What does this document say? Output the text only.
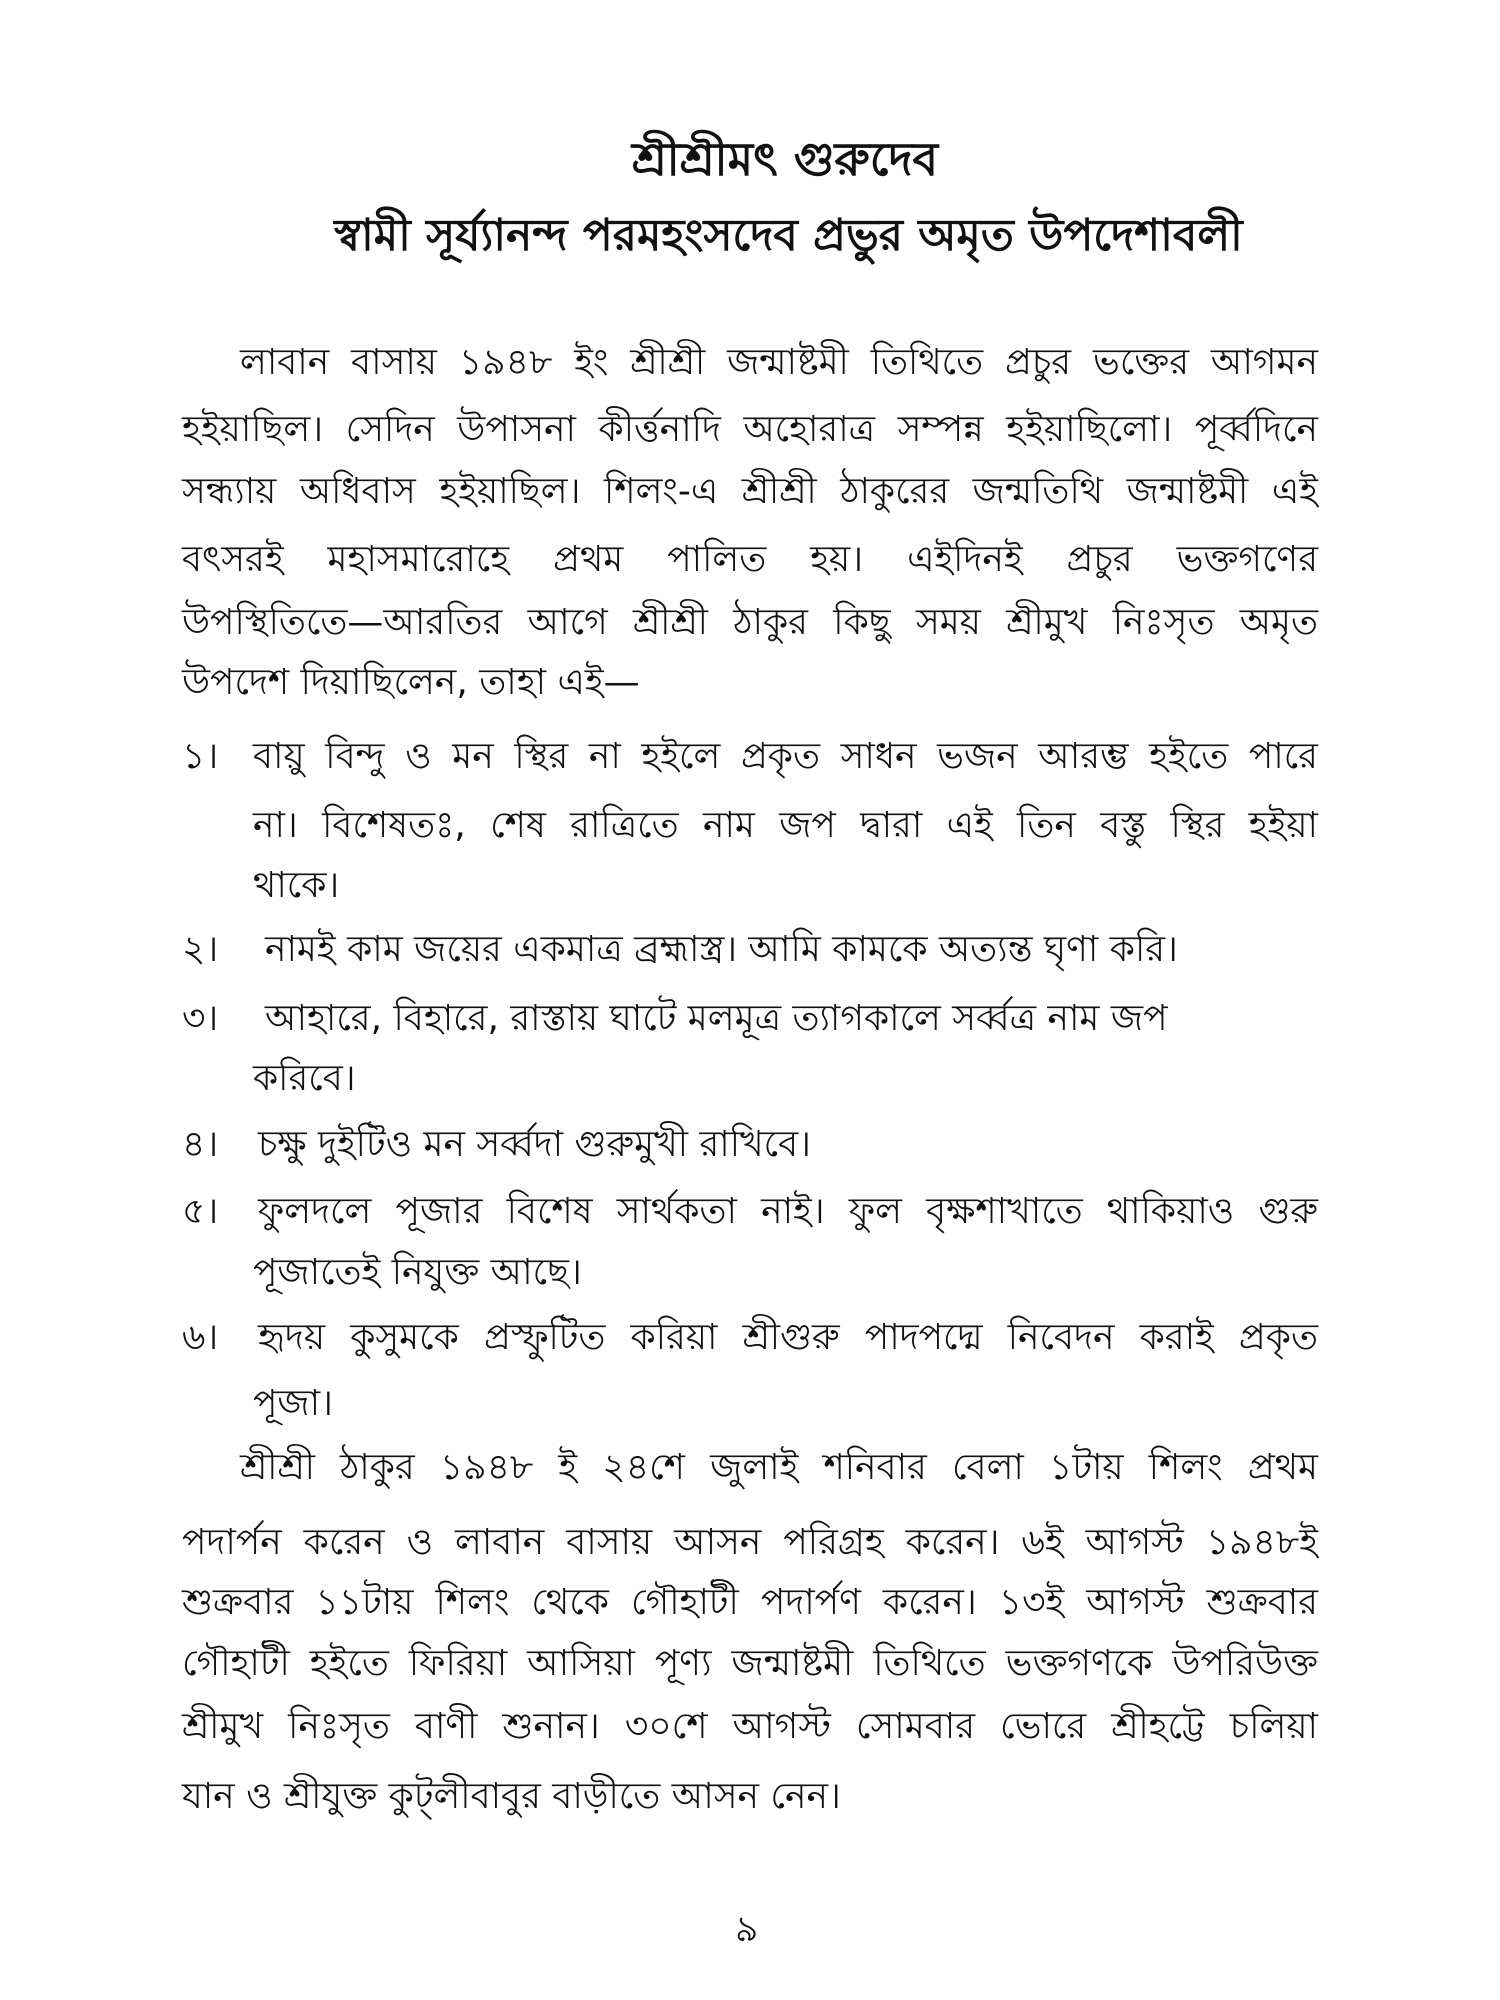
শ্রীশ্রীমৎ গুরুদেব
স্বামী সূর্য্যানন্দ পরমহংসদেব প্রভুর অমৃত উপদেশাবলী
লাবান বাসায় ১৯৪৮ ইং শ্রীশ্রী জন্মাষ্টমী তিথিতে প্রচুর ভক্তের আগমন
হইয়াছিল। সেদিন উপাসনা কীর্ত্তনাদি অহোরাত্র সম্পন্ন হইয়াছিলো। পূর্ব্বদিনে
সন্ধ্যায় অধিবাস হইয়াছিল। শিলং-এ শ্রীশ্রী ঠাকুরের জন্মতিথি জন্মাষ্টমী এই
বৎসরই মহাসমারোহে প্রথম পালিত হয়। এইদিনই প্রচুর ভক্তগণের
উপস্থিতিতে—আরতির আগে শ্রীশ্রী ঠাকুর কিছু সময় শ্রীমুখ নিঃসৃত অমৃত
উপদেশ দিয়াছিলেন, তাহা এই—
১। বায়ু বিন্দু ও মন স্থির না হইলে প্রকৃত সাধন ভজন আরম্ভ হইতে পারে
না। বিশেষতঃ, শেষ রাত্রিতে নাম জপ দ্বারা এই তিন বস্তু স্থির হইয়া
থাকে।
২। নামই কাম জয়ের একমাত্র ব্রহ্মাস্ত্র। আমি কামকে অত্যন্ত ঘৃণা করি।
৩। আহারে, বিহারে, রাস্তায় ঘাটে মলমূত্র ত্যাগকালে সর্ব্বত্র নাম জপ
করিবে।
৪। চক্ষু দুইটিও মন সর্ব্বদা গুরুমুখী রাখিবে।
৫। ফুলদলে পূজার বিশেষ সার্থকতা নাই। ফুল বৃক্ষশাখাতে থাকিয়াও গুরু
পূজাতেই নিযুক্ত আছে।
৬। হৃদয় কুসুমকে প্রস্ফুটিত করিয়া শ্রীগুরু পাদপদ্মে নিবেদন করাই প্রকৃত
পূজা।
শ্রীশ্রী ঠাকুর ১৯৪৮ ই ২৪শে জুলাই শনিবার বেলা ১টায় শিলং প্রথম
পদার্পন করেন ও লাবান বাসায় আসন পরিগ্রহ করেন। ৬ই আগস্ট ১৯৪৮ই
শুক্রবার ১১টায় শিলং থেকে গৌহাটী পদার্পণ করেন। ১৩ই আগস্ট শুক্রবার
গৌহাটী হইতে ফিরিয়া আসিয়া পূণ্য জন্মাষ্টমী তিথিতে ভক্তগণকে উপরিউক্ত
শ্রীমুখ নিঃসৃত বাণী শুনান। ৩০শে আগস্ট সোমবার ভোরে শ্রীহট্টে চলিয়া
যান ও শ্রীযুক্ত কুট্লীবাবুর বাড়ীতে আসন নেন।
৯
